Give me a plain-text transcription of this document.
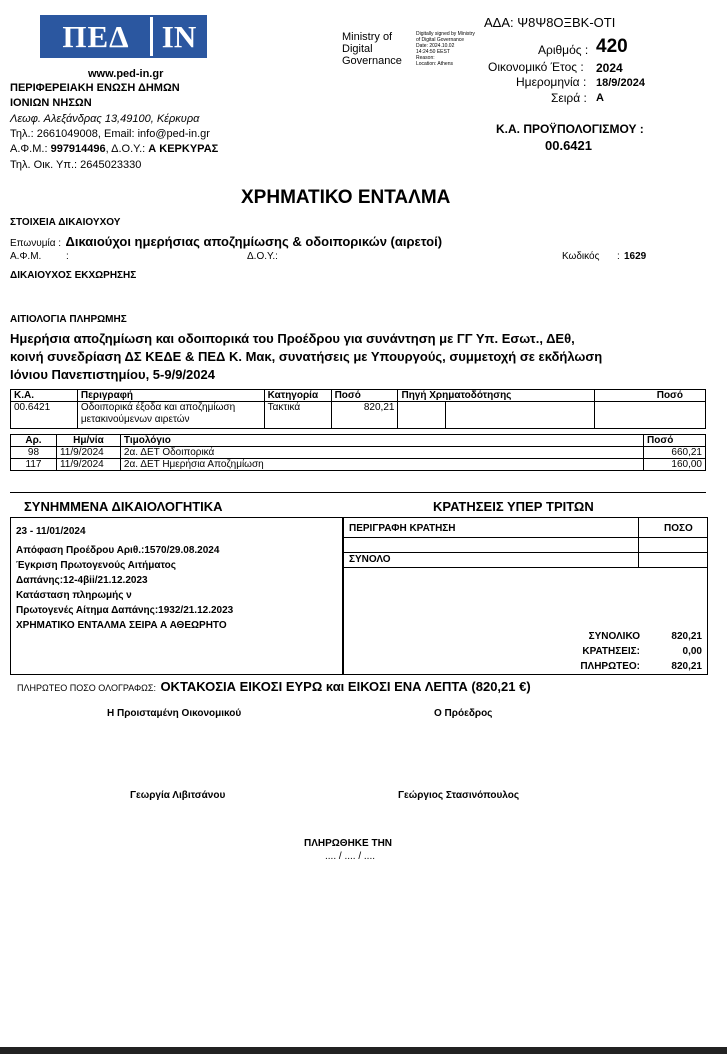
ΠΕΔ	ΙΝ
www.ped-in.gr
ΠΕΡΙΦΕΡΕΙΑΚΗ ΕΝΩΣΗ ΔΗΜΩΝ
ΙΟΝΙΩΝ ΝΗΣΩΝ
Λεωφ. Αλεξάνδρας 13,49100, Κέρκυρα
Τηλ.: 2661049008, Email: info@ped-in.gr
Α.Φ.Μ.: 997914496, Δ.Ο.Υ.: Α ΚΕΡΚΥΡΑΣ
Τηλ. Οικ. Υπ.: 2645023330
Ministry of
Digital
Governance
Digitally signed by Ministry
of Digital Governance
Date: 2024.10.02
14:24:50 EEST
Reason:
Location: Athens
ΑΔΑ: Ψ8Ψ8ΟΞΒΚ-ΟΤΙ
Αριθμός : 420
Οικονομικό Έτος : 2024
Ημερομηνία : 18/9/2024
Σειρά : A
Κ.Α. ΠΡΟΫΠΟΛΟΓΙΣΜΟΥ :
00.6421
ΧΡΗΜΑΤΙΚΟ ΕΝΤΑΛΜΑ
ΣΤΟΙΧΕΙΑ ΔΙΚΑΙΟΥΧΟΥ
Επωνυμία : Δικαιούχοι ημερήσιας αποζημίωσης & οδοιπορικών (αιρετοί)
Α.Φ.Μ. :	Δ.Ο.Υ.:	Κωδικός : 1629
ΔΙΚΑΙΟΥΧΟΣ ΕΚΧΩΡΗΣΗΣ
ΑΙΤΙΟΛΟΓΙΑ ΠΛΗΡΩΜΗΣ
Ημερήσια αποζημίωση και οδοιπορικά του Προέδρου για συνάντηση με ΓΓ Υπ. Εσωτ., ΔΕθ,
κοινή συνεδρίαση ΔΣ ΚΕΔΕ & ΠΕΔ Κ. Μακ, συνατήσεις με Υπουργούς, συμμετοχή σε εκδήλωση
Ιόνιου Πανεπιστημίου, 5-9/9/2024
Κ.Α.	Περιγραφή	Κατηγορία	Ποσό	Πηγή Χρηματοδότησης	Ποσό
00.6421	Οδοιπορικά έξοδα και αποζημίωση
μετακινούμενων αιρετών	Τακτικά	820,21	

Αρ.	Ημ/νία	Τιμολόγιο	Ποσό
98	11/9/2024	2α. ΔΕΤ Οδοιπορικά	660,21
117	11/9/2024	2α. ΔΕΤ Ημερήσια Αποζημίωση	160,00
ΣΥΝΗΜΜΕΝΑ ΔΙΚΑΙΟΛΟΓΗΤΙΚΑ	ΚΡΑΤΗΣΕΙΣ ΥΠΕΡ ΤΡΙΤΩΝ
23 - 11/01/2024
Απόφαση Προέδρου Αριθ.:1570/29.08.2024
Έγκριση Πρωτογενούς Αιτήματος
Δαπάνης:12-4βii/21.12.2023
Κατάσταση πληρωμής ν
Πρωτογενές Αίτημα Δαπάνης:1932/21.12.2023
ΧΡΗΜΑΤΙΚΟ ΕΝΤΑΛΜΑ ΣΕΙΡΑ Α ΑΘΕΩΡΗΤΟ
ΠΕΡΙΓΡΑΦΗ ΚΡΑΤΗΣΗ	ΠΟΣΟ
ΣΥΝΟΛΟ
ΣΥΝΟΛΙΚΟ	820,21
ΚΡΑΤΗΣΕΙΣ:	0,00
ΠΛΗΡΩΤΕΟ:	820,21
ΠΛΗΡΩΤΕΟ ΠΟΣΟ ΟΛΟΓΡΑΦΩΣ: ΟΚΤΑΚΟΣΙΑ ΕΙΚΟΣΙ ΕΥΡΩ και ΕΙΚΟΣΙ ΕΝΑ ΛΕΠΤΑ (820,21 €)
Η Προισταμένη Οικονομικού	Ο Πρόεδρος
Γεωργία Λιβιτσάνου	Γεώργιος Στασινόπουλος
ΠΛΗΡΩΘΗΚΕ ΤΗΝ
.... / .... / ....
